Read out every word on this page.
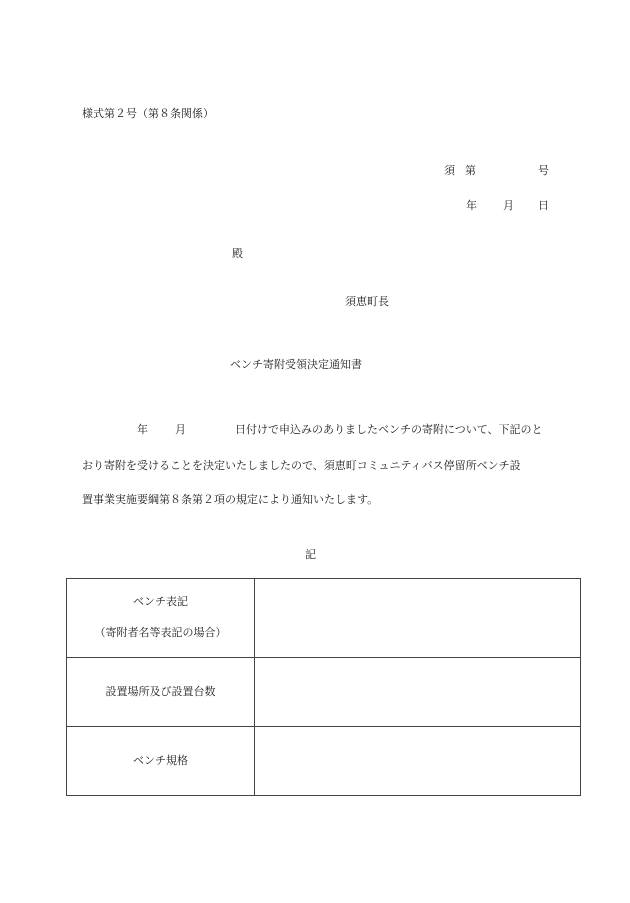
様式第２号（第８条関係）
須 第	号
年 月 日
殿
須恵町長
ベンチ寄附受領決定通知書
年 月	日付けで申込みのありましたベンチの寄附について、下記のと
おり寄附を受けることを決定いたしましたので、須恵町コミュニティバス停留所ベンチ設
置事業実施要綱第８条第２項の規定により通知いたします。
記
ベンチ表記
（寄附者名等表記の場合）	

設置場所及び設置台数	
ベンチ規格	
